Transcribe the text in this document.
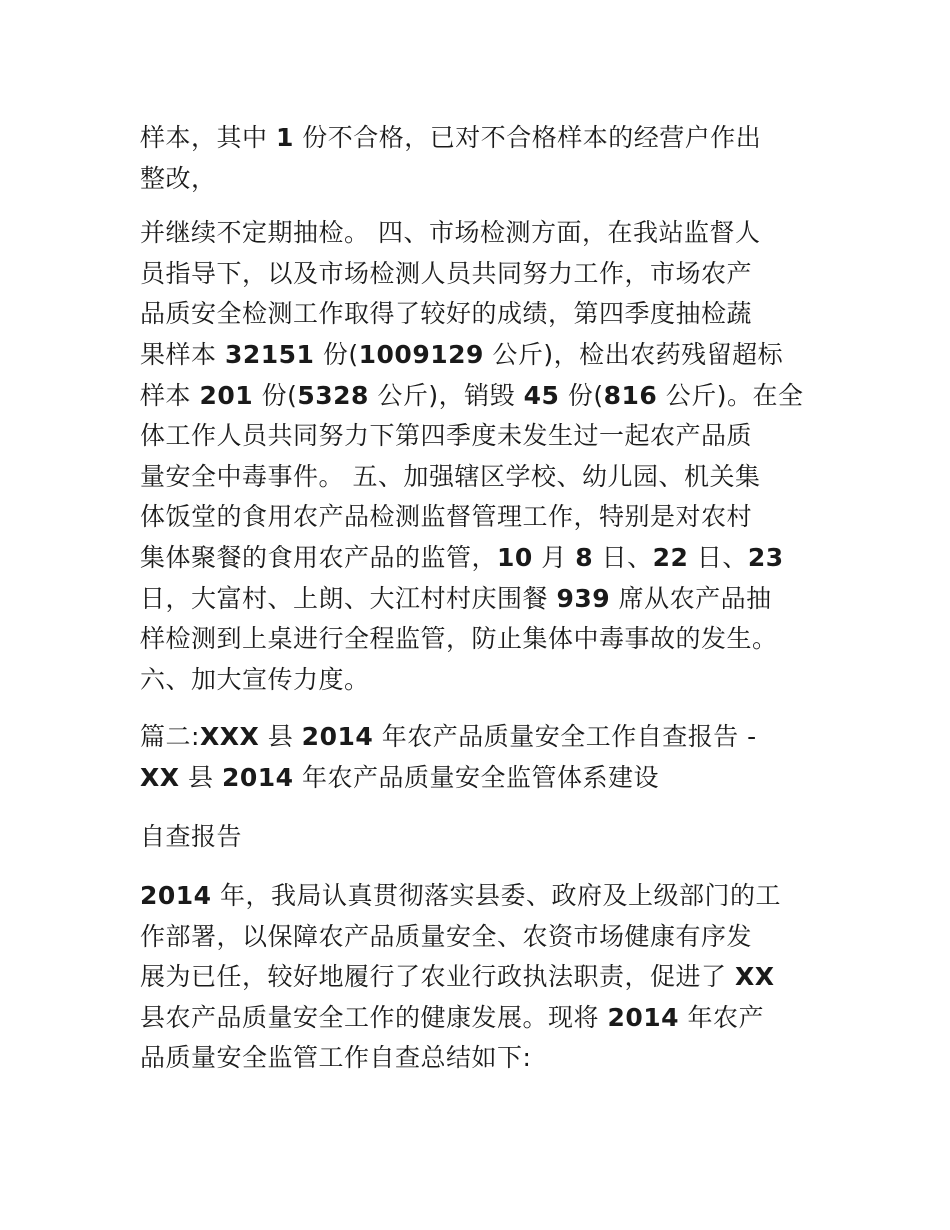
样本，其中 1 份不合格，已对不合格样本的经营户作出
整改，

并继续不定期抽检。 四、市场检测方面，在我站监督人
员指导下，以及市场检测人员共同努力工作，市场农产
品质安全检测工作取得了较好的成绩，第四季度抽检蔬
果样本 32151 份(1009129 公斤)，检出农药残留超标
样本 201 份(5328 公斤)，销毁 45 份(816 公斤)。在全
体工作人员共同努力下第四季度未发生过一起农产品质
量安全中毒事件。 五、加强辖区学校、幼儿园、机关集
体饭堂的食用农产品检测监督管理工作，特别是对农村
集体聚餐的食用农产品的监管，10 月 8 日、22 日、23
日，大富村、上朗、大江村村庆围餐 939 席从农产品抽
样检测到上桌进行全程监管，防止集体中毒事故的发生。
六、加大宣传力度。

篇二:XXX 县 2014 年农产品质量安全工作自查报告 -
XX 县 2014 年农产品质量安全监管体系建设

自查报告

2014 年，我局认真贯彻落实县委、政府及上级部门的工
作部署，以保障农产品质量安全、农资市场健康有序发
展为已任，较好地履行了农业行政执法职责，促进了 XX
县农产品质量安全工作的健康发展。现将 2014 年农产
品质量安全监管工作自查总结如下:
